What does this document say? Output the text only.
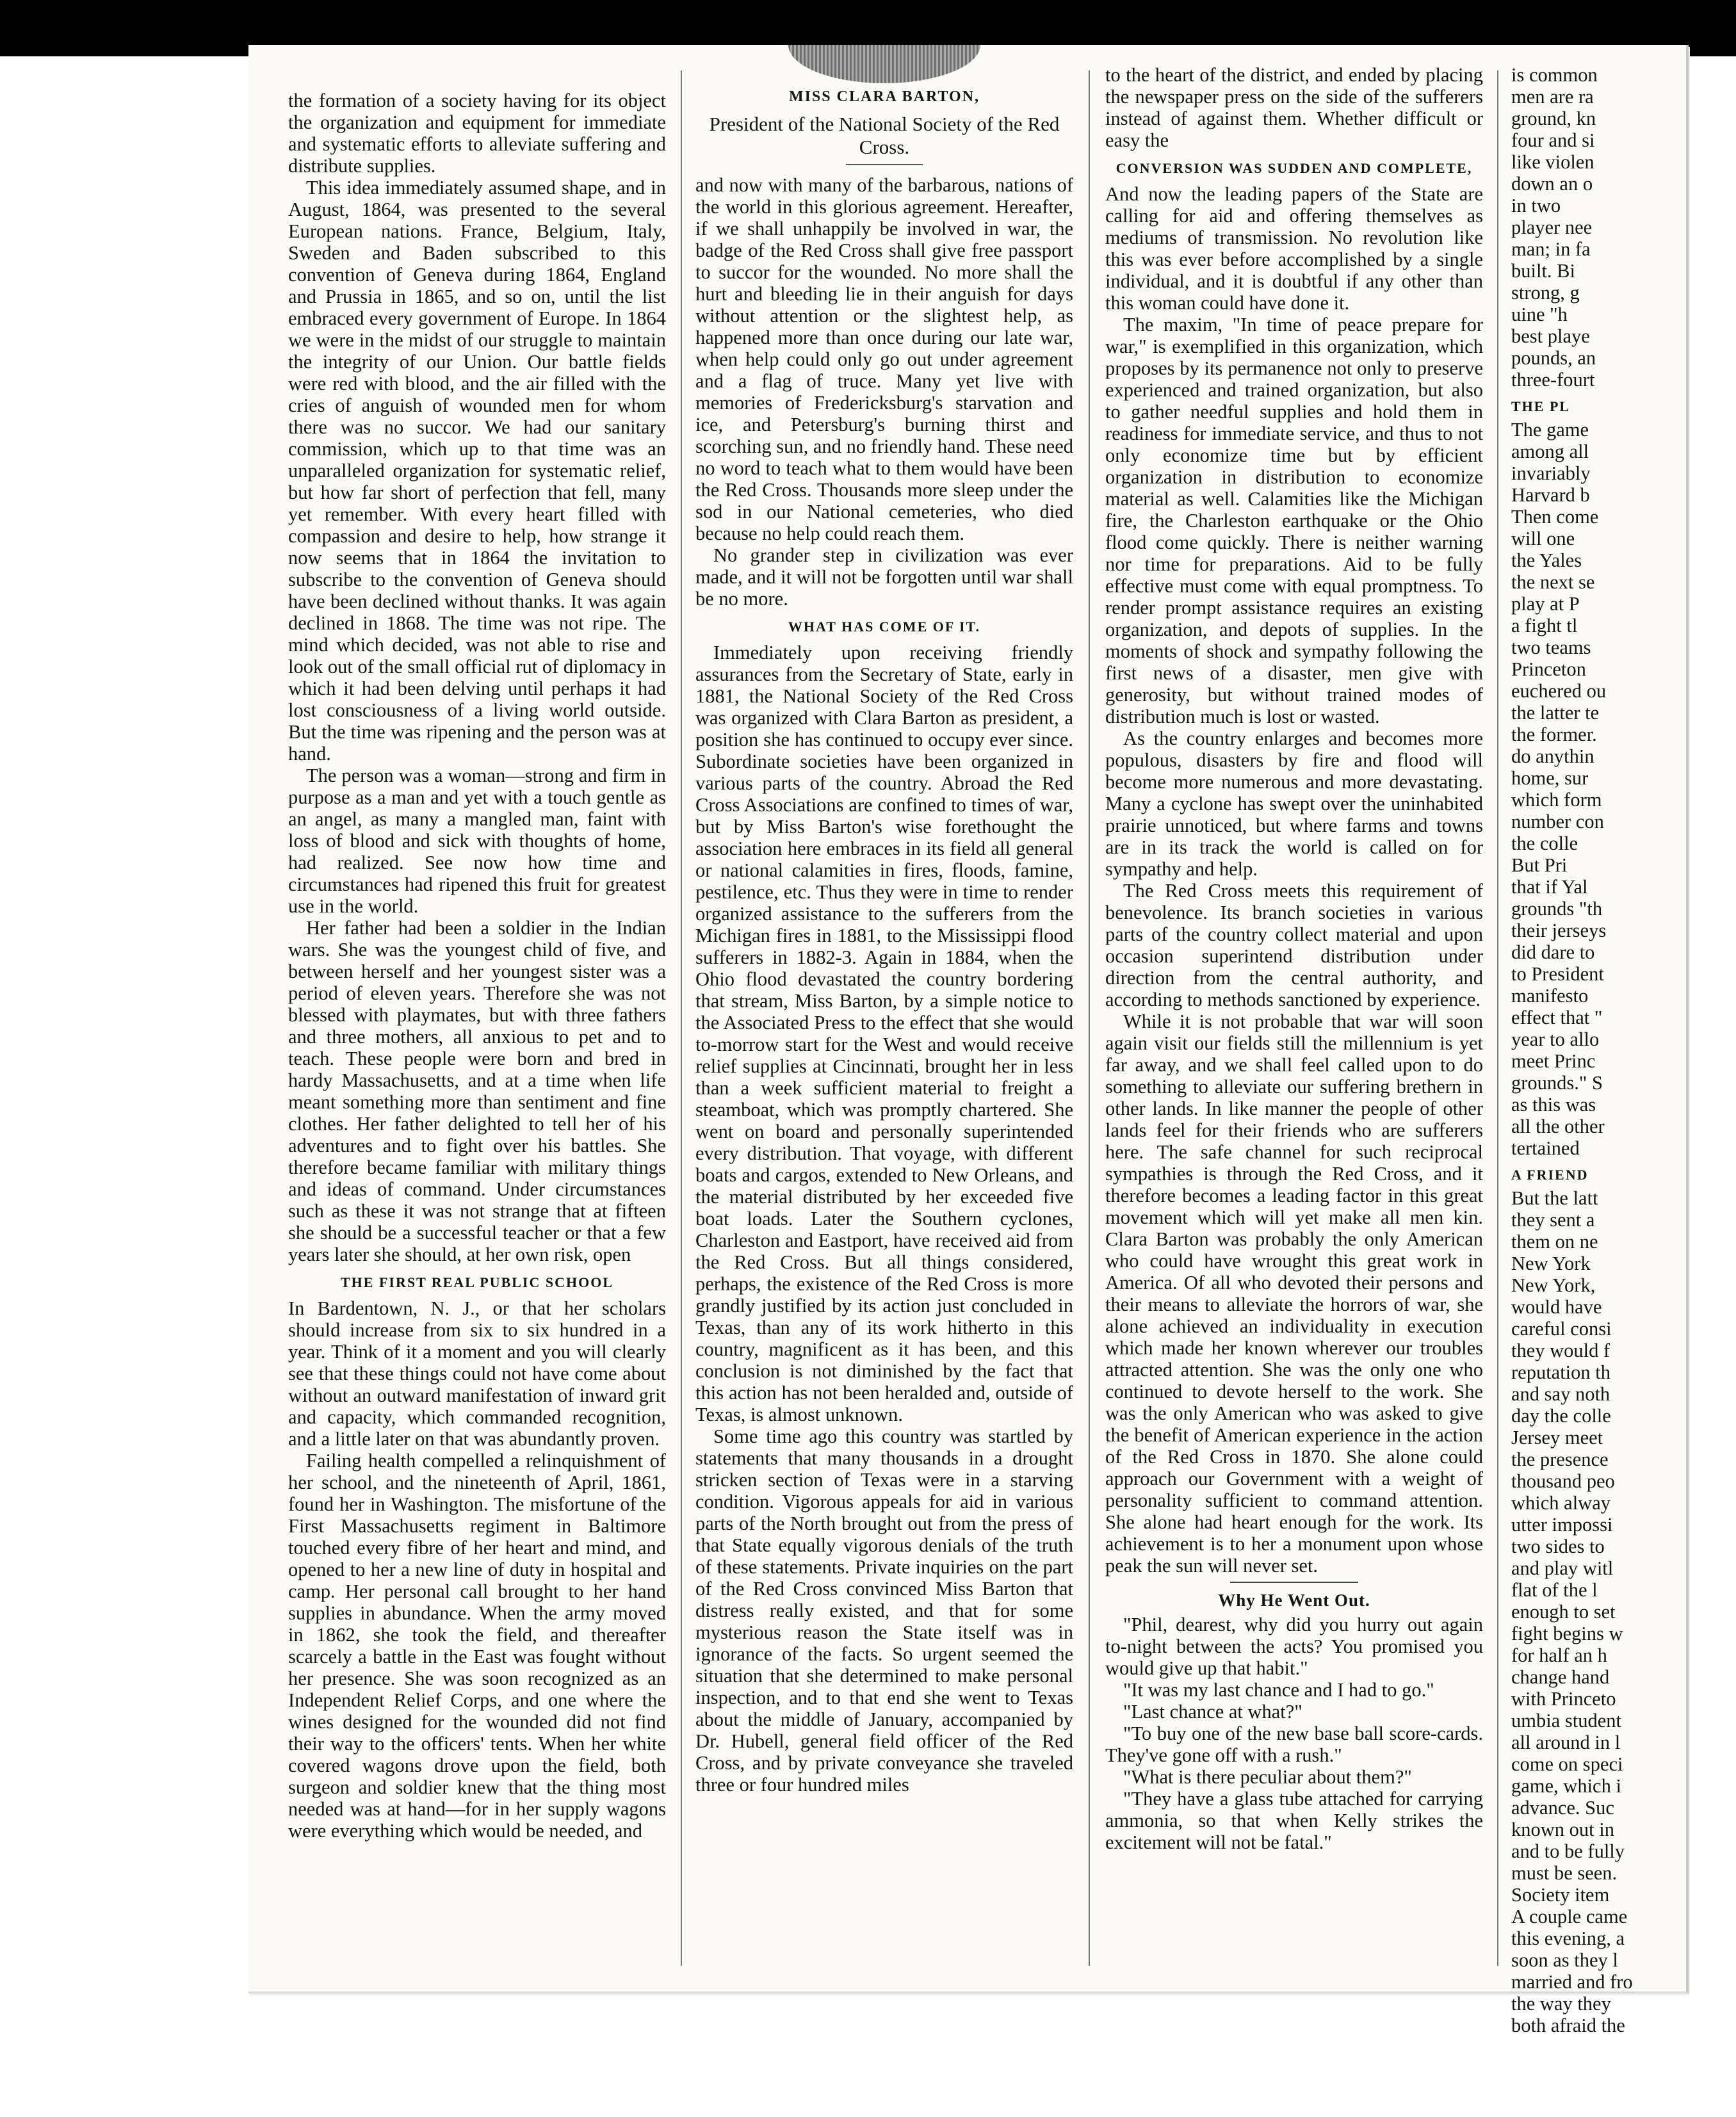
the formation of a society having for its object the organization and equipment for immediate and systematic efforts to alleviate suffering and distribute supplies.

This idea immediately assumed shape, and in August, 1864, was presented to the several European nations. France, Belgium, Italy, Sweden and Baden subscribed to this convention of Geneva during 1864, England and Prussia in 1865, and so on, until the list embraced every government of Europe. In 1864 we were in the midst of our struggle to maintain the integrity of our Union. Our battle fields were red with blood, and the air filled with the cries of anguish of wounded men for whom there was no succor. We had our sanitary commission, which up to that time was an unparalleled organization for systematic relief, but how far short of perfection that fell, many yet remember. With every heart filled with compassion and desire to help, how strange it now seems that in 1864 the invitation to subscribe to the convention of Geneva should have been declined without thanks. It was again declined in 1868. The time was not ripe. The mind which decided, was not able to rise and look out of the small official rut of diplomacy in which it had been delving until perhaps it had lost consciousness of a living world outside. But the time was ripening and the person was at hand.

The person was a woman—strong and firm in purpose as a man and yet with a touch gentle as an angel, as many a mangled man, faint with loss of blood and sick with thoughts of home, had realized. See now how time and circumstances had ripened this fruit for greatest use in the world.

Her father had been a soldier in the Indian wars. She was the youngest child of five, and between herself and her youngest sister was a period of eleven years. Therefore she was not blessed with playmates, but with three fathers and three mothers, all anxious to pet and to teach. These people were born and bred in hardy Massachusetts, and at a time when life meant something more than sentiment and fine clothes. Her father delighted to tell her of his adventures and to fight over his battles. She therefore became familiar with military things and ideas of command. Under circumstances such as these it was not strange that at fifteen she should be a successful teacher or that a few years later she should, at her own risk, open

THE FIRST REAL PUBLIC SCHOOL

In Bardentown, N. J., or that her scholars should increase from six to six hundred in a year. Think of it a moment and you will clearly see that these things could not have come about without an outward manifestation of inward grit and capacity, which commanded recognition, and a little later on that was abundantly proven.

Failing health compelled a relinquishment of her school, and the nineteenth of April, 1861, found her in Washington. The misfortune of the First Massachusetts regiment in Baltimore touched every fibre of her heart and mind, and opened to her a new line of duty in hospital and camp. Her personal call brought to her hand supplies in abundance. When the army moved in 1862, she took the field, and thereafter scarcely a battle in the East was fought without her presence. She was soon recognized as an Independent Relief Corps, and one where the wines designed for the wounded did not find their way to the officers' tents. When her white covered wagons drove upon the field, both surgeon and soldier knew that the thing most needed was at hand—for in her supply wagons were everything which would be needed, and

MISS CLARA BARTON,
President of the National Society of the Red Cross.

and now with many of the barbarous, nations of the world in this glorious agreement. Hereafter, if we shall unhappily be involved in war, the badge of the Red Cross shall give free passport to succor for the wounded. No more shall the hurt and bleeding lie in their anguish for days without attention or the slightest help, as happened more than once during our late war, when help could only go out under agreement and a flag of truce. Many yet live with memories of Fredericksburg's starvation and ice, and Petersburg's burning thirst and scorching sun, and no friendly hand. These need no word to teach what to them would have been the Red Cross. Thousands more sleep under the sod in our National cemeteries, who died because no help could reach them.

No grander step in civilization was ever made, and it will not be forgotten until war shall be no more.

WHAT HAS COME OF IT.

Immediately upon receiving friendly assurances from the Secretary of State, early in 1881, the National Society of the Red Cross was organized with Clara Barton as president, a position she has continued to occupy ever since. Subordinate societies have been organized in various parts of the country. Abroad the Red Cross Associations are confined to times of war, but by Miss Barton's wise forethought the association here embraces in its field all general or national calamities in fires, floods, famine, pestilence, etc. Thus they were in time to render organized assistance to the sufferers from the Michigan fires in 1881, to the Mississippi flood sufferers in 1882-3. Again in 1884, when the Ohio flood devastated the country bordering that stream, Miss Barton, by a simple notice to the Associated Press to the effect that she would to-morrow start for the West and would receive relief supplies at Cincinnati, brought her in less than a week sufficient material to freight a steamboat, which was promptly chartered. She went on board and personally superintended every distribution. That voyage, with different boats and cargos, extended to New Orleans, and the material distributed by her exceeded five boat loads. Later the Southern cyclones, Charleston and Eastport, have received aid from the Red Cross. But all things considered, perhaps, the existence of the Red Cross is more grandly justified by its action just concluded in Texas, than any of its work hitherto in this country, magnificent as it has been, and this conclusion is not diminished by the fact that this action has not been heralded and, outside of Texas, is almost unknown.

Some time ago this country was startled by statements that many thousands in a drought stricken section of Texas were in a starving condition. Vigorous appeals for aid in various parts of the North brought out from the press of that State equally vigorous denials of the truth of these statements. Private inquiries on the part of the Red Cross convinced Miss Barton that distress really existed, and that for some mysterious reason the State itself was in ignorance of the facts. So urgent seemed the situation that she determined to make personal inspection, and to that end she went to Texas about the middle of January, accompanied by Dr. Hubell, general field officer of the Red Cross, and by private conveyance she traveled three or four hundred miles

to the heart of the district, and ended by placing the newspaper press on the side of the sufferers instead of against them. Whether difficult or easy the

CONVERSION WAS SUDDEN AND COMPLETE,

And now the leading papers of the State are calling for aid and offering themselves as mediums of transmission. No revolution like this was ever before accomplished by a single individual, and it is doubtful if any other than this woman could have done it.

The maxim, "In time of peace prepare for war," is exemplified in this organization, which proposes by its permanence not only to preserve experienced and trained organization, but also to gather needful supplies and hold them in readiness for immediate service, and thus to not only economize time but by efficient organization in distribution to economize material as well. Calamities like the Michigan fire, the Charleston earthquake or the Ohio flood come quickly. There is neither warning nor time for preparations. Aid to be fully effective must come with equal promptness. To render prompt assistance requires an existing organization, and depots of supplies. In the moments of shock and sympathy following the first news of a disaster, men give with generosity, but without trained modes of distribution much is lost or wasted.

As the country enlarges and becomes more populous, disasters by fire and flood will become more numerous and more devastating. Many a cyclone has swept over the uninhabited prairie unnoticed, but where farms and towns are in its track the world is called on for sympathy and help.

The Red Cross meets this requirement of benevolence. Its branch societies in various parts of the country collect material and upon occasion superintend distribution under direction from the central authority, and according to methods sanctioned by experience.

While it is not probable that war will soon again visit our fields still the millennium is yet far away, and we shall feel called upon to do something to alleviate our suffering brethern in other lands. In like manner the people of other lands feel for their friends who are sufferers here. The safe channel for such reciprocal sympathies is through the Red Cross, and it therefore becomes a leading factor in this great movement which will yet make all men kin. Clara Barton was probably the only American who could have wrought this great work in America. Of all who devoted their persons and their means to alleviate the horrors of war, she alone achieved an individuality in execution which made her known wherever our troubles attracted attention. She was the only one who continued to devote herself to the work. She was the only American who was asked to give the benefit of American experience in the action of the Red Cross in 1870. She alone could approach our Government with a weight of personality sufficient to command attention. She alone had heart enough for the work. Its achievement is to her a monument upon whose peak the sun will never set.

Why He Went Out.

"Phil, dearest, why did you hurry out again to-night between the acts? You promised you would give up that habit."

"It was my last chance and I had to go."

"Last chance at what?"

"To buy one of the new base ball score-cards. They've gone off with a rush."

"What is there peculiar about them?"

"They have a glass tube attached for carrying ammonia, so that when Kelly strikes the excitement will not be fatal."

is common
men are ra
ground, kn
four and si
like violen
down an o
in two
player nee
man; in fa
built. Bi
strong, g
uine "h
best playe
pounds, an
three-fourt
THE PL
The game
among all
invariably
Harvard b
Then come
will one
the Yales
the next se
play at P
a fight tl
two teams
Princeton
euchered ou
the latter te
the former.
do anythin
home, sur
which form
number con
the colle
But Pri
that if Yal
grounds "th
their jerseys
did dare to
to President
manifesto
effect that "
year to allo
meet Princ
grounds." S
as this was
all the other
tertained
A FRIEND
But the latt
they sent a
them on ne
New York
New York,
would have
careful consi
they would f
reputation th
and say noth
day the colle
Jersey meet
the presence
thousand peo
which alway
utter impossi
two sides to
and play witl
flat of the l
enough to set
fight begins w
for half an h
change hand
with Princeto
umbia student
all around in l
come on speci
game, which i
advance. Suc
known out in
and to be fully
must be seen.
Society item
A couple came
this evening, a
soon as they l
married and fro
the way they
both afraid the
